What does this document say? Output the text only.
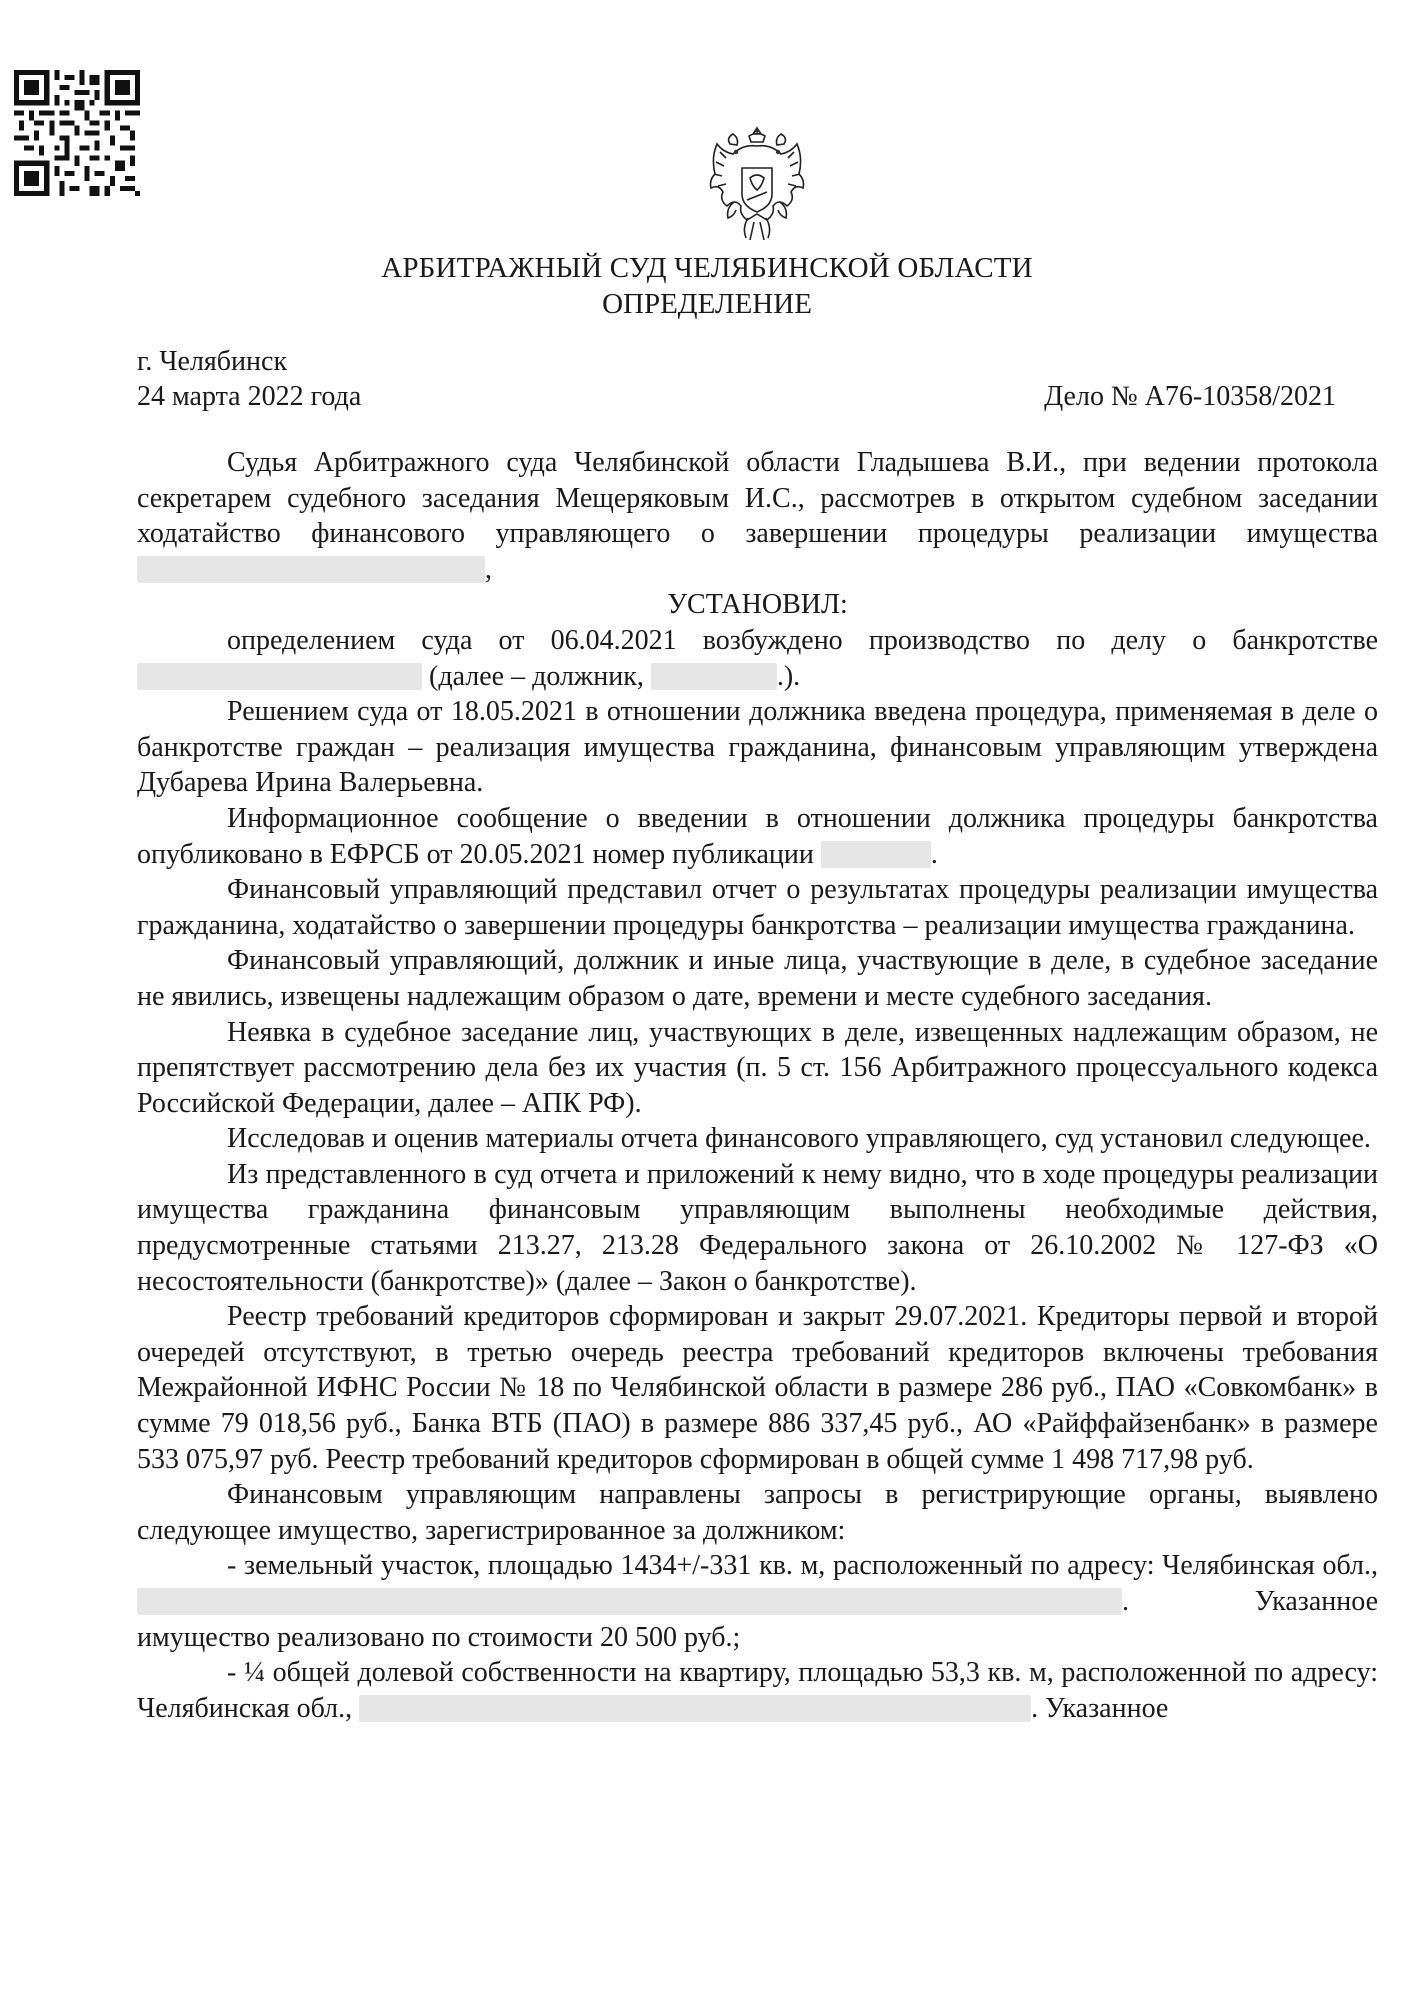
АРБИТРАЖНЫЙ СУД ЧЕЛЯБИНСКОЙ ОБЛАСТИ
ОПРЕДЕЛЕНИЕ
г. Челябинск
24 марта 2022 года	Дело № А76-10358/2021

Судья Арбитражного суда Челябинской области Гладышева В.И., при ведении протокола секретарем судебного заседания Мещеряковым И.С., рассмотрев в открытом судебном заседании ходатайство финансового управляющего о завершении процедуры реализации имущества ,

УСТАНОВИЛ:

определением суда от 06.04.2021 возбуждено производство по делу о банкротстве  (далее – должник,	.).

Решением суда от 18.05.2021 в отношении должника введена процедура, применяемая в деле о банкротстве граждан – реализация имущества гражданина, финансовым управляющим утверждена Дубарева Ирина Валерьевна.

Информационное сообщение о введении в отношении должника процедуры банкротства опубликовано в ЕФРСБ от 20.05.2021 номер публикации	.

Финансовый управляющий представил отчет о результатах процедуры реализации имущества гражданина, ходатайство о завершении процедуры банкротства – реализации имущества гражданина.

Финансовый управляющий, должник и иные лица, участвующие в деле, в судебное заседание не явились, извещены надлежащим образом о дате, времени и месте судебного заседания.

Неявка в судебное заседание лиц, участвующих в деле, извещенных надлежащим образом, не препятствует рассмотрению дела без их участия (п. 5 ст. 156 Арбитражного процессуального кодекса Российской Федерации, далее – АПК РФ).

Исследовав и оценив материалы отчета финансового управляющего, суд установил следующее.

Из представленного в суд отчета и приложений к нему видно, что в ходе процедуры реализации имущества гражданина финансовым управляющим выполнены необходимые действия, предусмотренные статьями 213.27, 213.28 Федерального закона от 26.10.2002 № 127-ФЗ «О несостоятельности (банкротстве)» (далее – Закон о банкротстве).

Реестр требований кредиторов сформирован и закрыт 29.07.2021. Кредиторы первой и второй очередей отсутствуют, в третью очередь реестра требований кредиторов включены требования Межрайонной ИФНС России № 18 по Челябинской области в размере 286 руб., ПАО «Совкомбанк» в сумме 79 018,56 руб., Банка ВТБ (ПАО) в размере 886 337,45 руб., АО «Райффайзенбанк» в размере 533 075,97 руб. Реестр требований кредиторов сформирован в общей сумме 1 498 717,98 руб.

Финансовым управляющим направлены запросы в регистрирующие органы, выявлено следующее имущество, зарегистрированное за должником:

- земельный участок, площадью 1434+/-331 кв. м, расположенный по адресу: Челябинская обл., . Указанное имущество реализовано по стоимости 20 500 руб.;

- ¼ общей долевой собственности на квартиру, площадью 53,3 кв. м, расположенной по адресу: Челябинская обл.,	. Указанное
